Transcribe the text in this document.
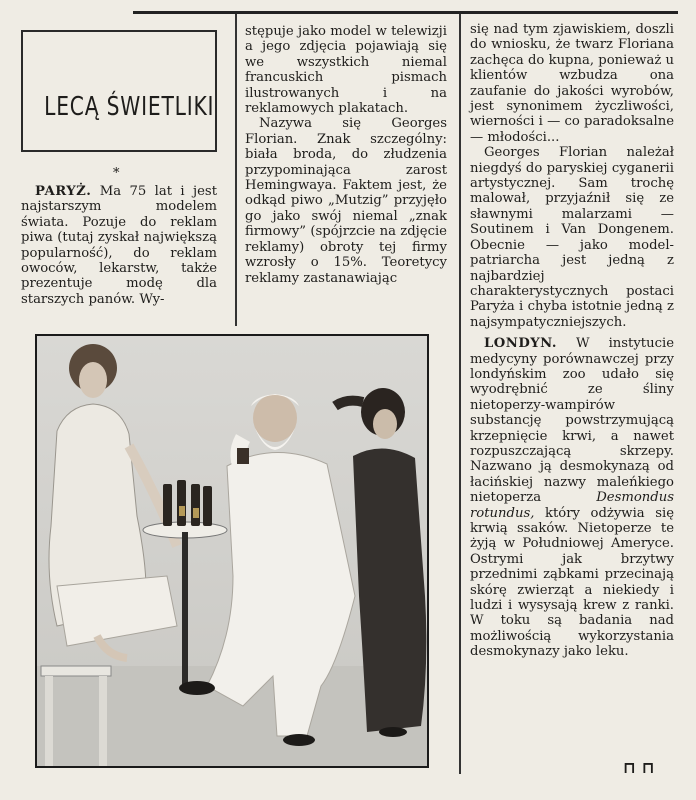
LECĄ ŚWIETLIKI
*

PARYŻ. Ma 75 lat i jest najstarszym modelem świata. Pozuje do reklam piwa (tutaj zyskał największą popularność), do reklam owoców, lekarstw, także prezentuje modę dla starszych panów. Wy-

stępuje jako model w telewizji a jego zdjęcia pojawiają się we wszystkich niemal francuskich pismach ilustrowanych i na reklamowych plakatach.

Nazywa się Georges Florian. Znak szczególny: biała broda, do złudzenia przypominająca zarost Hemingwaya. Faktem jest, że odkąd piwo „Mutzig” przyjęło go jako swój niemal „znak firmowy” (spójrzcie na zdjęcie reklamy) obroty tej firmy wzrosły o 15%. Teoretycy reklamy zastanawiając

się nad tym zjawiskiem, doszli do wniosku, że twarz Floriana zachęca do kupna, ponieważ u klientów wzbudza ona zaufanie do jakości wyrobów, jest synonimem życzliwości, wierności i — co paradoksalne — młodości...

Georges Florian należał niegdyś do paryskiej cyganerii artystycznej. Sam trochę malował, przyjaźnił się ze sławnymi malarzami — Soutinem i Van Dongenem. Obecnie — jako model-patriarcha jest jedną z najbardziej charakterystycznych postaci Paryża i chyba istotnie jedną z najsympatyczniejszych.

LONDYN. W instytucie medycyny porównawczej przy londyńskim zoo udało się wyodrębnić ze śliny nietoperzy-wampirów substancję powstrzymującą krzepnięcie krwi, a nawet rozpuszczającą skrzepy. Nazwano ją desmokynazą od łacińskiej nazwy maleńkiego nietoperza Desmondus rotundus, który odżywia się krwią ssaków. Nietoperze te żyją w Południowej Ameryce. Ostrymi jak brzytwy przednimi ząbkami przecinają skórę zwierząt a niekiedy i ludzi i wysysają krew z ranki. W toku są badania nad możliwością wykorzystania desmokynazy jako leku.

⊓⊓
